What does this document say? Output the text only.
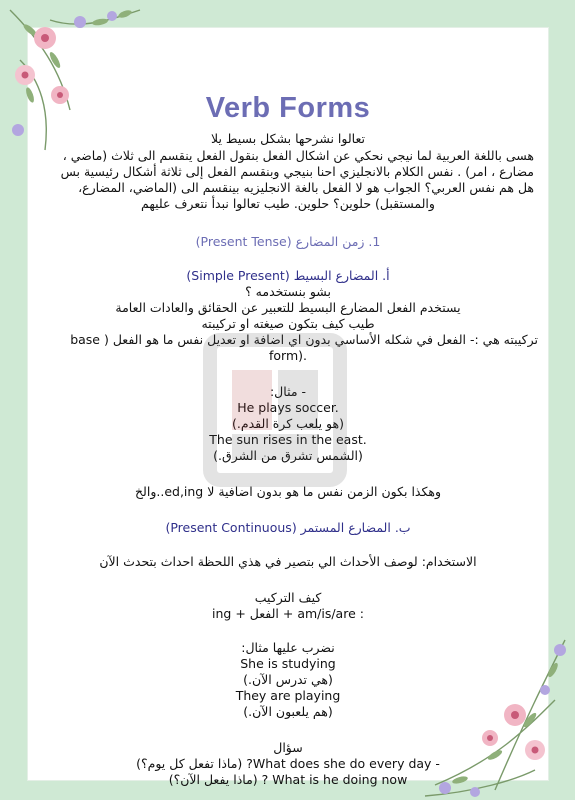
Verb Forms
تعالوا نشرحها بشكل بسيط يلا
هسى باللغة العربية لما نيجي نحكي عن اشكال الفعل بنقول الفعل ينقسم الى ثلاث (ماضي ،
مضارع ، امر) . نفس الكلام بالانجليزي احنا بنيجي وبنقسم الفعل إلى ثلاثة أشكال رئيسية بس
هل هم نفس العربي؟ الجواب هو لا الفعل بالغة الانجليزيه بينقسم الى (الماضي، المضارع،
والمستقبل) حلوين؟ حلوين. طيب تعالوا نبدأ نتعرف عليهم
1. زمن المضارع (Present Tense)
أ. المضارع البسيط (Simple Present)
بشو بنستخدمه ؟
يستخدم الفعل المضارع البسيط للتعبير عن الحقائق والعادات العامة
طيب كيف بتكون صيغته او تركيبته
تركيبته هي :- الفعل في شكله الأساسي بدون اي اضافة او تعديل نفس ما هو الفعل ( base
form).
- مثال:
He plays soccer.
(هو يلعب كرة القدم.)
The sun rises in the east.
(الشمس تشرق من الشرق.)
وهكذا بكون الزمن نفس ما هو بدون اضافية لا ed,ing..والخ
ب. المضارع المستمر (Present Continuous)
الاستخدام: لوصف الأحداث الي بتصير في هذي اللحظة احداث بتحدث الآن
كيف التركيب
: am/is/are + الفعل + ing
نضرب عليها مثال:
She is studying
(هي تدرس الآن.)
They are playing
(هم يلعبون الآن.)
سؤال
- What does she do every day? (ماذا تفعل كل يوم؟)
What is he doing now ? (ماذا يفعل الآن؟)
